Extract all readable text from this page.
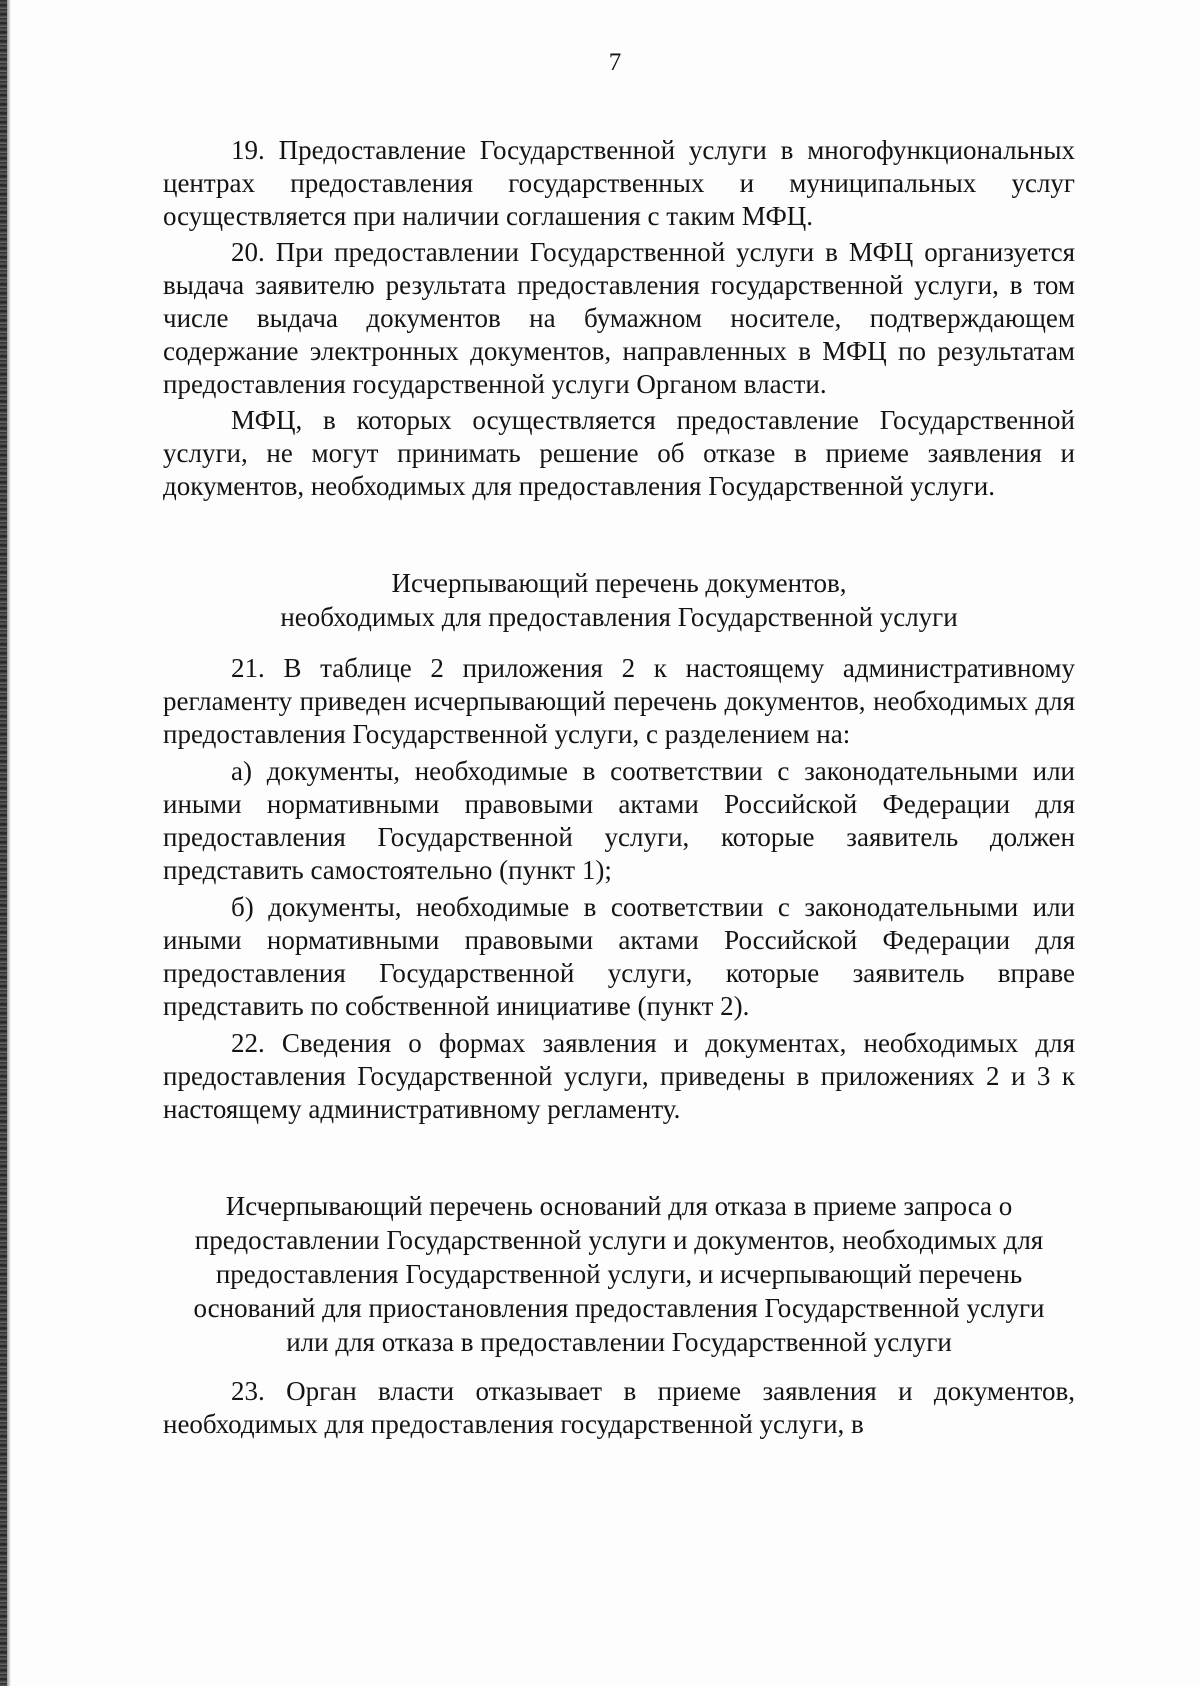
7

19. Предоставление Государственной услуги в многофункциональных центрах предоставления государственных и муниципальных услуг осуществляется при наличии соглашения с таким МФЦ.

20. При предоставлении Государственной услуги в МФЦ организуется выдача заявителю результата предоставления государственной услуги, в том числе выдача документов на бумажном носителе, подтверждающем содержание электронных документов, направленных в МФЦ по результатам предоставления государственной услуги Органом власти.

МФЦ, в которых осуществляется предоставление Государственной услуги, не могут принимать решение об отказе в приеме заявления и документов, необходимых для предоставления Государственной услуги.

Исчерпывающий перечень документов,
необходимых для предоставления Государственной услуги

21. В таблице 2 приложения 2 к настоящему административному регламенту приведен исчерпывающий перечень документов, необходимых для предоставления Государственной услуги, с разделением на:

а) документы, необходимые в соответствии с законодательными или иными нормативными правовыми актами Российской Федерации для предоставления Государственной услуги, которые заявитель должен представить самостоятельно (пункт 1);

б) документы, необходимые в соответствии с законодательными или иными нормативными правовыми актами Российской Федерации для предоставления Государственной услуги, которые заявитель вправе представить по собственной инициативе (пункт 2).

22. Сведения о формах заявления и документах, необходимых для предоставления Государственной услуги, приведены в приложениях 2 и 3 к настоящему административному регламенту.

Исчерпывающий перечень оснований для отказа в приеме запроса о
предоставлении Государственной услуги и документов, необходимых для
предоставления Государственной услуги, и исчерпывающий перечень
оснований для приостановления предоставления Государственной услуги
или для отказа в предоставлении Государственной услуги

23. Орган власти отказывает в приеме заявления и документов, необходимых для предоставления государственной услуги, в
